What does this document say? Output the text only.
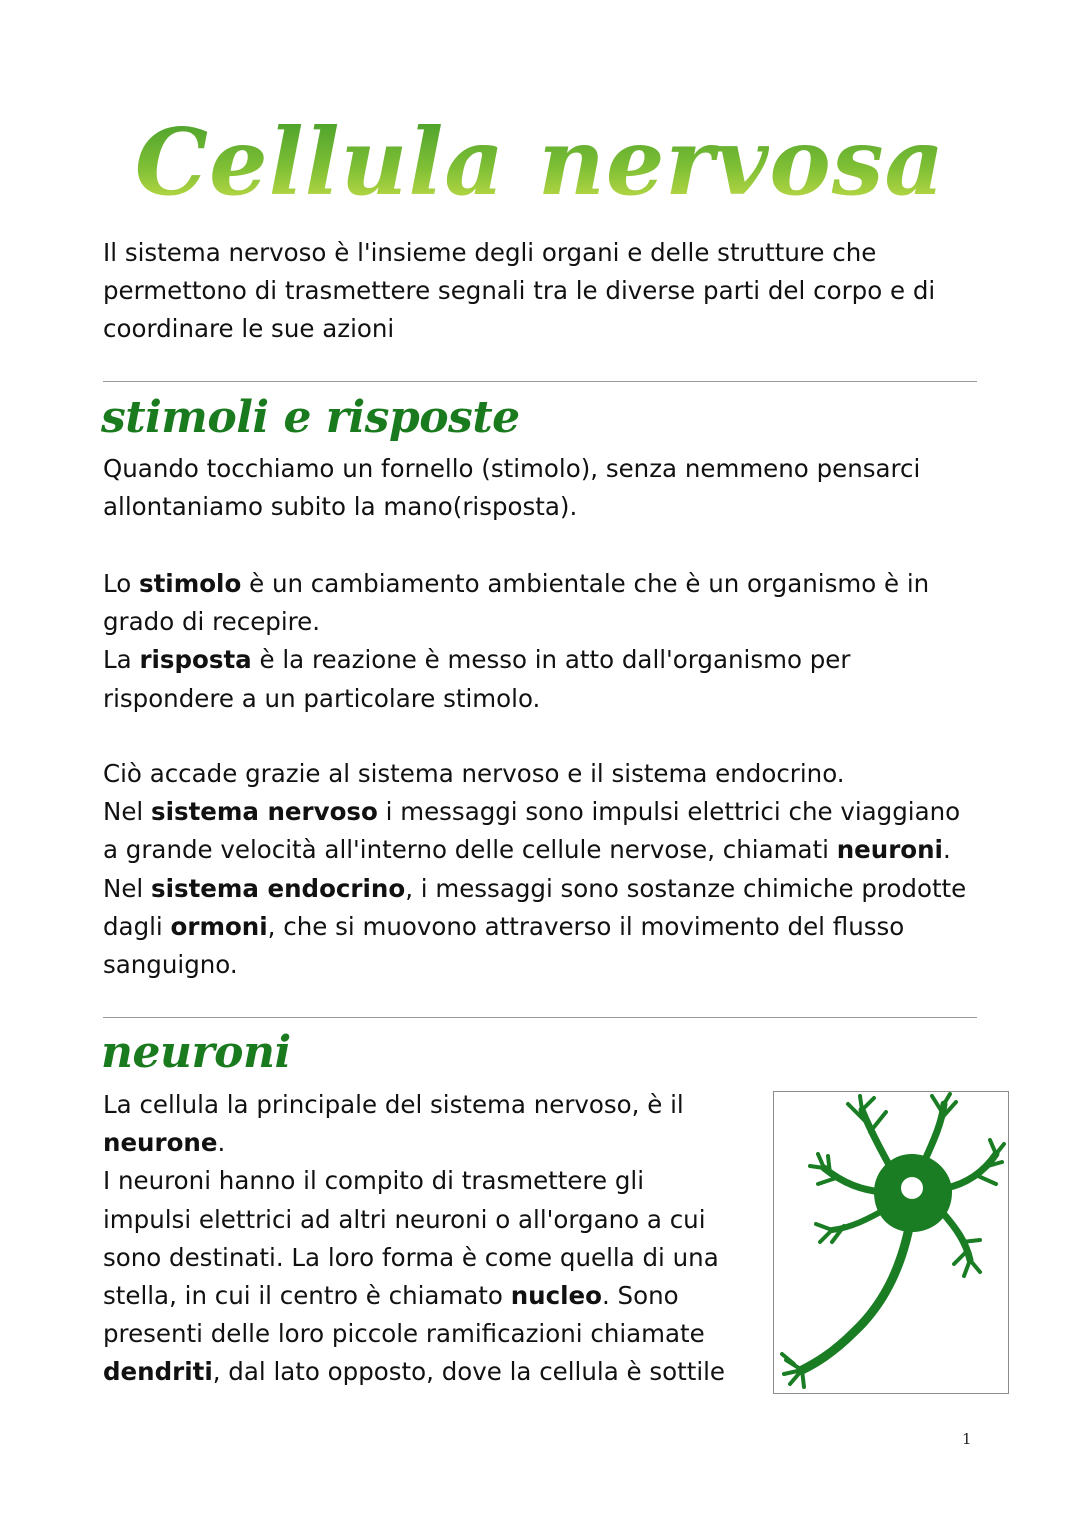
Cellula nervosa

Il sistema nervoso è l'insieme degli organi e delle strutture che
permettono di trasmettere segnali tra le diverse parti del corpo e di
coordinare le sue azioni

stimoli e risposte

Quando tocchiamo un fornello (stimolo), senza nemmeno pensarci
allontaniamo subito la mano(risposta).

Lo stimolo è un cambiamento ambientale che è un organismo è in
grado di recepire.
La risposta è la reazione è messo in atto dall'organismo per
rispondere a un particolare stimolo.

Ciò accade grazie al sistema nervoso e il sistema endocrino.
Nel sistema nervoso i messaggi sono impulsi elettrici che viaggiano
a grande velocità all'interno delle cellule nervose, chiamati neuroni.
Nel sistema endocrino, i messaggi sono sostanze chimiche prodotte
dagli ormoni, che si muovono attraverso il movimento del flusso
sanguigno.

neuroni

La cellula la principale del sistema nervoso, è il
neurone.
I neuroni hanno il compito di trasmettere gli
impulsi elettrici ad altri neuroni o all'organo a cui
sono destinati. La loro forma è come quella di una
stella, in cui il centro è chiamato nucleo. Sono
presenti delle loro piccole ramificazioni chiamate
dendriti, dal lato opposto, dove la cellula è sottile

1
